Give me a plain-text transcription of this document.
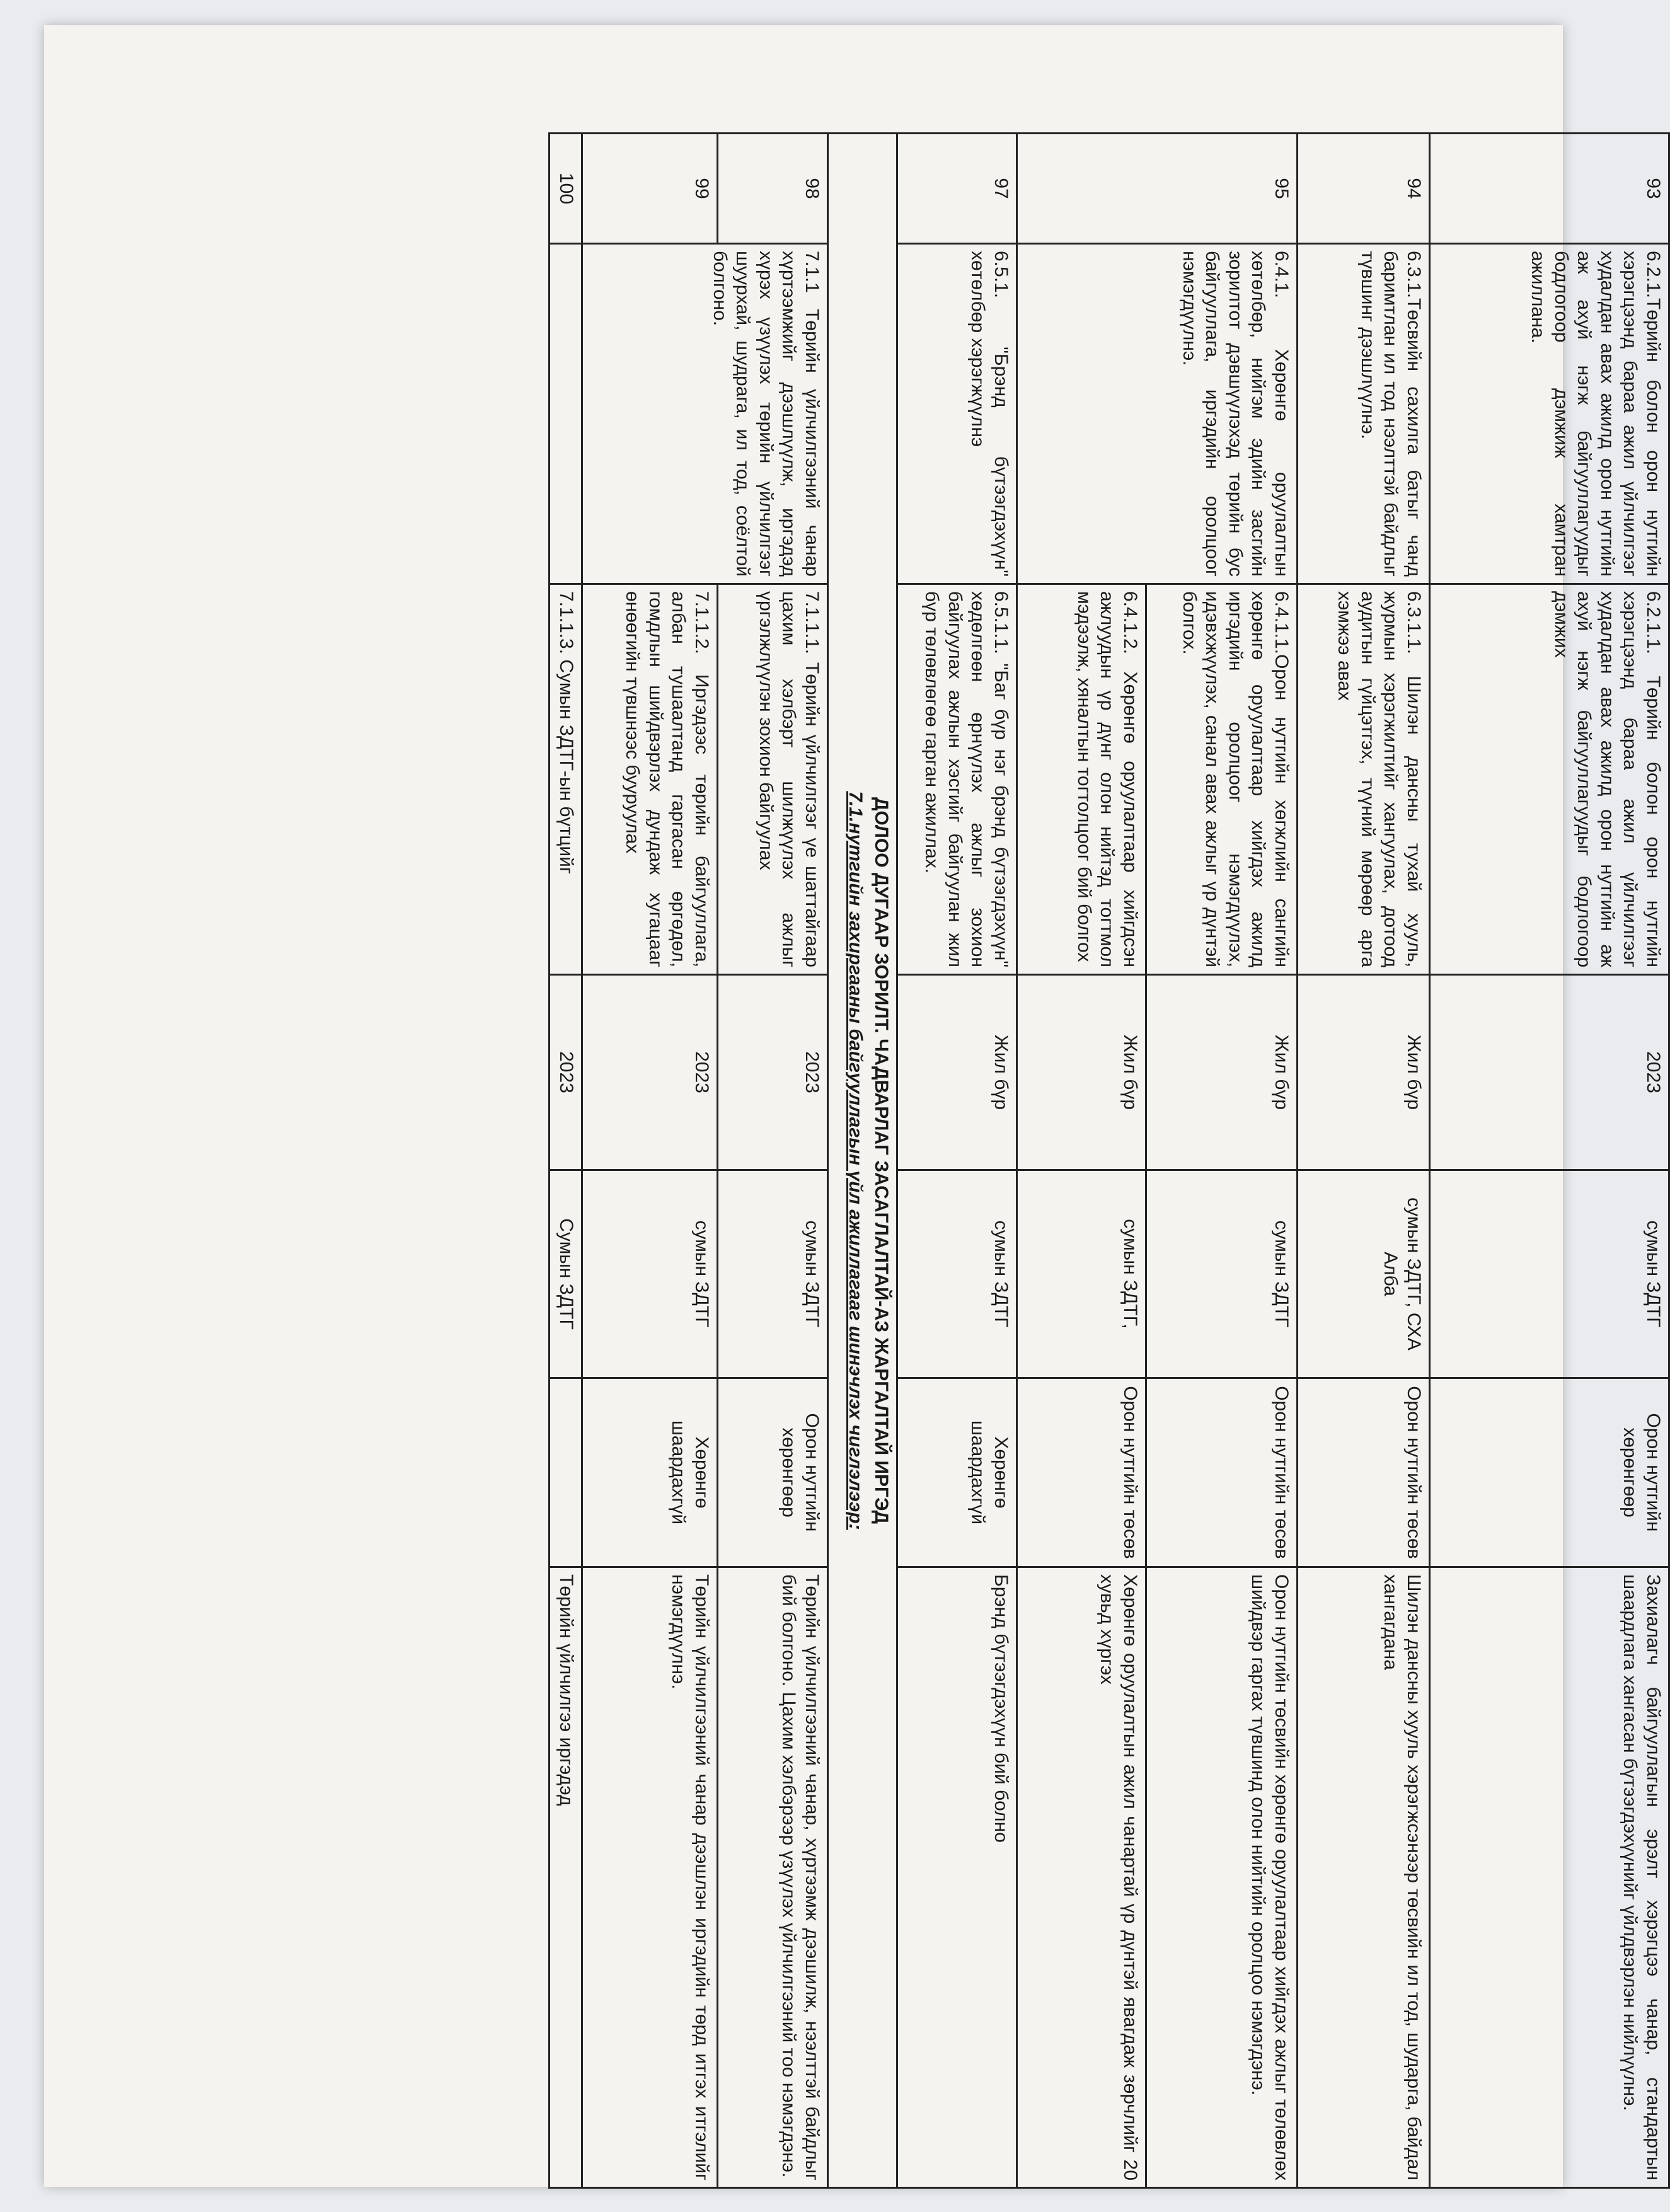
93	6.2.1.Төрийн болон орон нутгийн хэрэгцээнд бараа ажил үйлчилгээг худалдан авах ажилд орон нутгийн аж ахуй нэгж байгууллагуудыг бодлогоор дэмжиж хамтран ажиллана.	6.2.1.1. Төрийн болон орон нутгийн хэрэгцээнд бараа ажил үйлчилгээг худалдан авах ажилд орон нутгийн аж ахуй нэгж байгууллагуудыг бодлогоор дэмжих	2023	сумын ЗДТГ	Орон нутгийн хөрөнгөөр	Захиалагч байгууллагын эрэлт хэрэгцээ чанар, стандартын шаардлага хангасан бүтээгдэхүүнийг үйлдвэрлэн нийлүүлнэ.
94	6.3.1.Төсвийн сахилга батыг чанд баримтлан ил тод нээлттэй байдлыг түвшинг дээшлүүлнэ.	6.3.1.1. Шилэн дансны тухай хууль, журмын хэрэгжилтийг хангуулах, дотоод аудитын гүйцэтгэх, түүний мөрөөр арга хэмжээ авах	Жил бүр	сумын ЗДТГ, СХА Алба	Орон нутгийн төсөв	Шилэн дансны хууль хэрэгжсэнээр төсвийн ил тод, шударга, байдал хангагдана
95	6.4.1. Хөрөнгө оруулалтын хөтөлбөр, нийгэм эдийн засгийн зорилтот дэвшүүлэхэд төрийн бус байгууллага, иргэдийн оролцоог нэмэгдүүлнэ.	6.4.1.1.Орон нутгийн хөгжлийн сангийн хөрөнгө оруулалтаар хийгдэх ажилд иргэдийн оролцоог нэмэгдүүлэх, идэвхжүүлэх, санал авах ажлыг үр дүнтэй болгох.	Жил бүр	сумын ЗДТГ	Орон нутгийн төсөв	Орон нутгийн төсвийн хөрөнгө оруулалтаар хийгдэх ажлыг төлөвлөх шийдвэр гаргах түвшинд олон нийтийн оролцоо нэмэгдэнэ.
		6.4.1.2. Хөрөнгө оруулалтаар хийгдсэн ажлуудын үр дүнг олон нийтэд тогтмол мэдээлж, хяналтын тогтолцоог бий болгох	Жил бүр	сумын ЗДТГ,	Орон нутгийн төсөв	Хөрөнгө оруулалтын ажил чанартай үр дүнтэй явагдаж зөрчлийг 20 хувьд хүргэх
97	6.5.1. "Брэнд бүтээгдэхүүн" хөтөлбөр хэрэгжүүлнэ	6.5.1.1. "Баг бүр нэг брэнд бүтээгдэхүүн" хөдөлгөөн өрнүүлэх ажлыг зохион байгуулах ажлын хэсгийг байгуулан жил бүр төлөвлөгөө гарган ажиллах.	Жил бүр	сумын ЗДТГ	Хөрөнгө шаардахгүй	Брэнд бүтээгдэхүүн бий болно
ДОЛОО ДУГААР ЗОРИЛТ. ЧАДВАРЛАГ ЗАСАГЛАЛТАЙ-АЗ ЖАРГАЛТАЙ ИРГЭД
7.1.нутгийн захиргааны байгууллагын үйл ажиллагааг шинэчлэх чиглэлээр:						

98	7.1.1 Төрийн үйлчилгээний чанар хүртээмжийг дээшлүүлж, иргэдэд хүрэх үзүүлэх төрийн үйлчилгээг шуурхай, шудрага, ил тод, соёлтой болгоно.	7.1.1.1. Төрийн үйлчилгээг үе шаттайгаар цахим хэлбэрт шилжүүлэх ажлыг үргэлжлүүлэн зохион байгуулах	2023	сумын ЗДТГ	Орон нутгийн хөрөнгөөр	Төрийн үйлчилгээний чанар, хүртээмж дээшилж, нээлттэй байдлыг бий болгоно. Цахим хэлбэрээр үзүүлэх үйлчилгээний тоо нэмэгдэнэ.
99		7.1.1.2. Иргэдээс төрийн байгууллага, албан тушаалтанд гаргасан өргөдөл, гомдлын шийдвэрлэх дундаж хугацааг өнөөгийн түвшнээс бууруулах	2023	сумын ЗДТГ	Хөрөнгө шаардахгүй	Төрийн үйлчилгээний чанар дээшлэн иргэдийн төрд итгэх итгэлийг нэмэгдүүлнэ.
100		7.1.1.3. Сумын ЗДТГ-ын бүтцийг	2023	Сумын ЗДТГ		Төрийн үйлчилгээ иргэдэд
